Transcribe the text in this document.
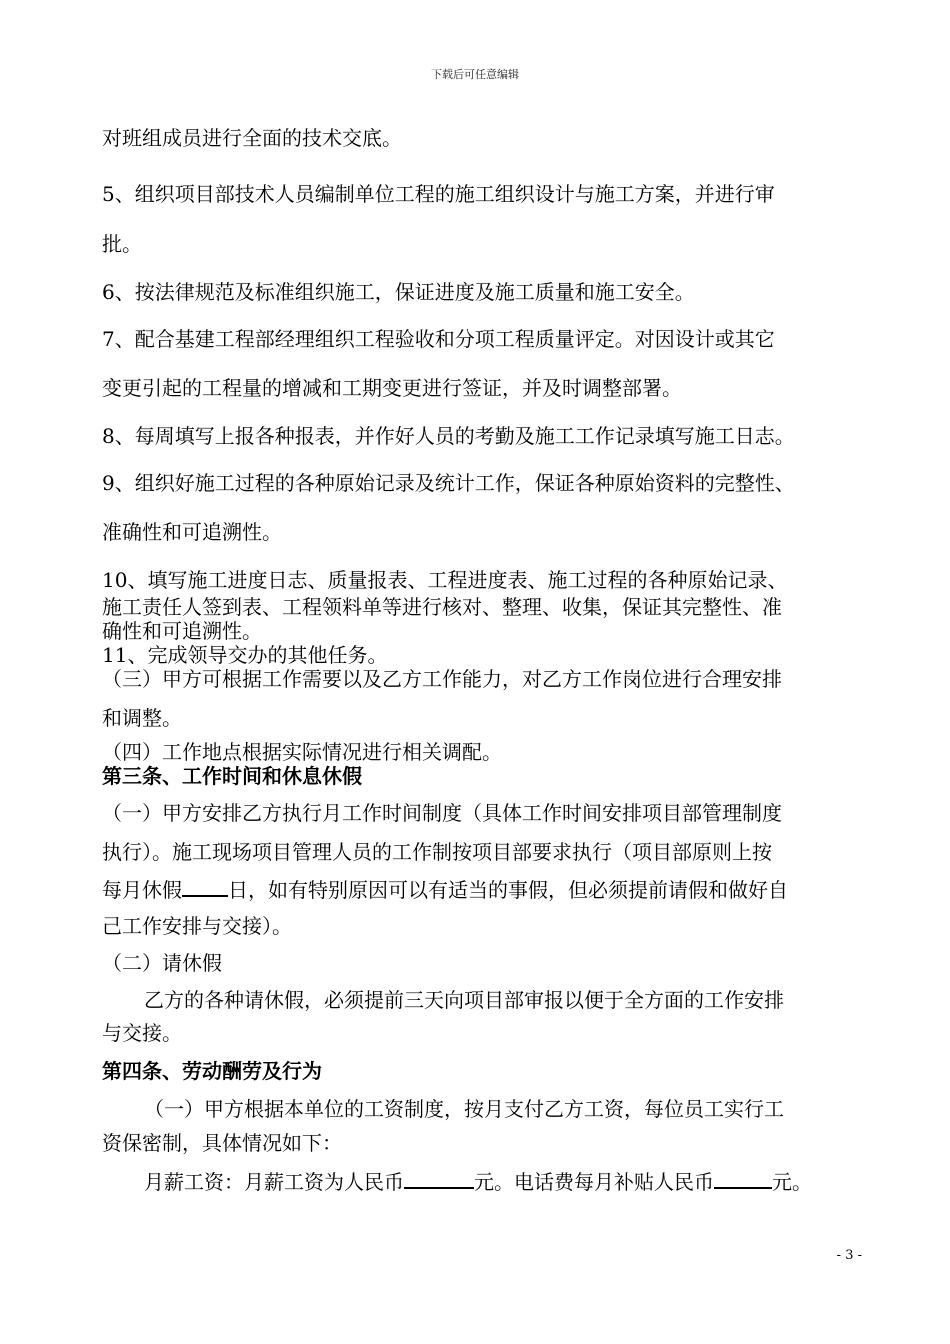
下载后可任意编辑
对班组成员进行全面的技术交底。
5、组织项目部技术人员编制单位工程的施工组织设计与施工方案，并进行审
批。
6、按法律规范及标准组织施工，保证进度及施工质量和施工安全。
7、配合基建工程部经理组织工程验收和分项工程质量评定。对因设计或其它
变更引起的工程量的增减和工期变更进行签证，并及时调整部署。
8、每周填写上报各种报表，并作好人员的考勤及施工工作记录填写施工日志。
9、组织好施工过程的各种原始记录及统计工作，保证各种原始资料的完整性、
准确性和可追溯性。
10、填写施工进度日志、质量报表、工程进度表、施工过程的各种原始记录、
施工责任人签到表、工程领料单等进行核对、整理、收集，保证其完整性、准
确性和可追溯性。
11、完成领导交办的其他任务。
（三）甲方可根据工作需要以及乙方工作能力，对乙方工作岗位进行合理安排
和调整。
（四）工作地点根据实际情况进行相关调配。
第三条、工作时间和休息休假
（一）甲方安排乙方执行月工作时间制度（具体工作时间安排项目部管理制度
执行）。施工现场项目管理人员的工作制按项目部要求执行（项目部原则上按
每月休假 日，如有特别原因可以有适当的事假，但必须提前请假和做好自
己工作安排与交接）。
（二）请休假
乙方的各种请休假，必须提前三天向项目部审报以便于全方面的工作安排
与交接。
第四条、劳动酬劳及行为
（一）甲方根据本单位的工资制度，按月支付乙方工资，每位员工实行工
资保密制，具体情况如下：
月薪工资：月薪工资为人民币	元。电话费每月补贴人民币	元。
- 3 -
